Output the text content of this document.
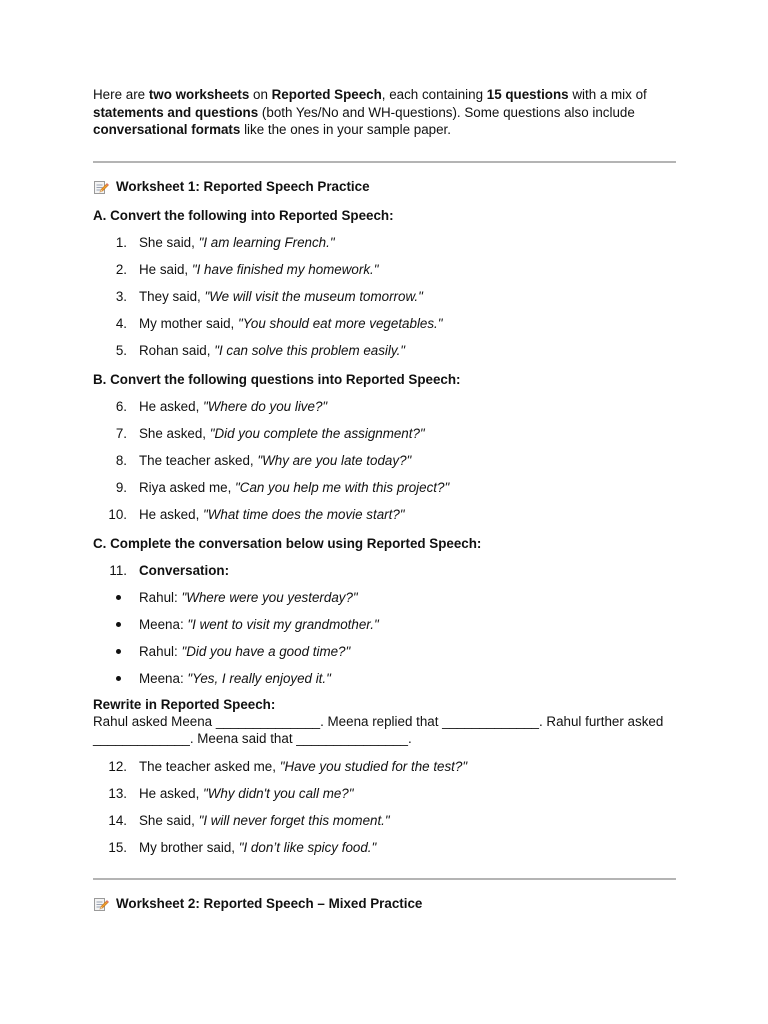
Here are two worksheets on Reported Speech, each containing 15 questions with a mix of statements and questions (both Yes/No and WH-questions). Some questions also include conversational formats like the ones in your sample paper.

Worksheet 1: Reported Speech Practice
A. Convert the following into Reported Speech:
1. She said, "I am learning French."
2. He said, "I have finished my homework."
3. They said, "We will visit the museum tomorrow."
4. My mother said, "You should eat more vegetables."
5. Rohan said, "I can solve this problem easily."
B. Convert the following questions into Reported Speech:
6. He asked, "Where do you live?"
7. She asked, "Did you complete the assignment?"
8. The teacher asked, "Why are you late today?"
9. Riya asked me, "Can you help me with this project?"
10. He asked, "What time does the movie start?"
C. Complete the conversation below using Reported Speech:
11. Conversation:
Rahul: "Where were you yesterday?"
Meena: "I went to visit my grandmother."
Rahul: "Did you have a good time?"
Meena: "Yes, I really enjoyed it."
Rewrite in Reported Speech:

Rahul asked Meena ______________. Meena replied that _____________. Rahul further asked _____________. Meena said that _______________.

12. The teacher asked me, "Have you studied for the test?"
13. He asked, "Why didn't you call me?"
14. She said, "I will never forget this moment."
15. My brother said, "I don’t like spicy food."
Worksheet 2: Reported Speech – Mixed Practice
